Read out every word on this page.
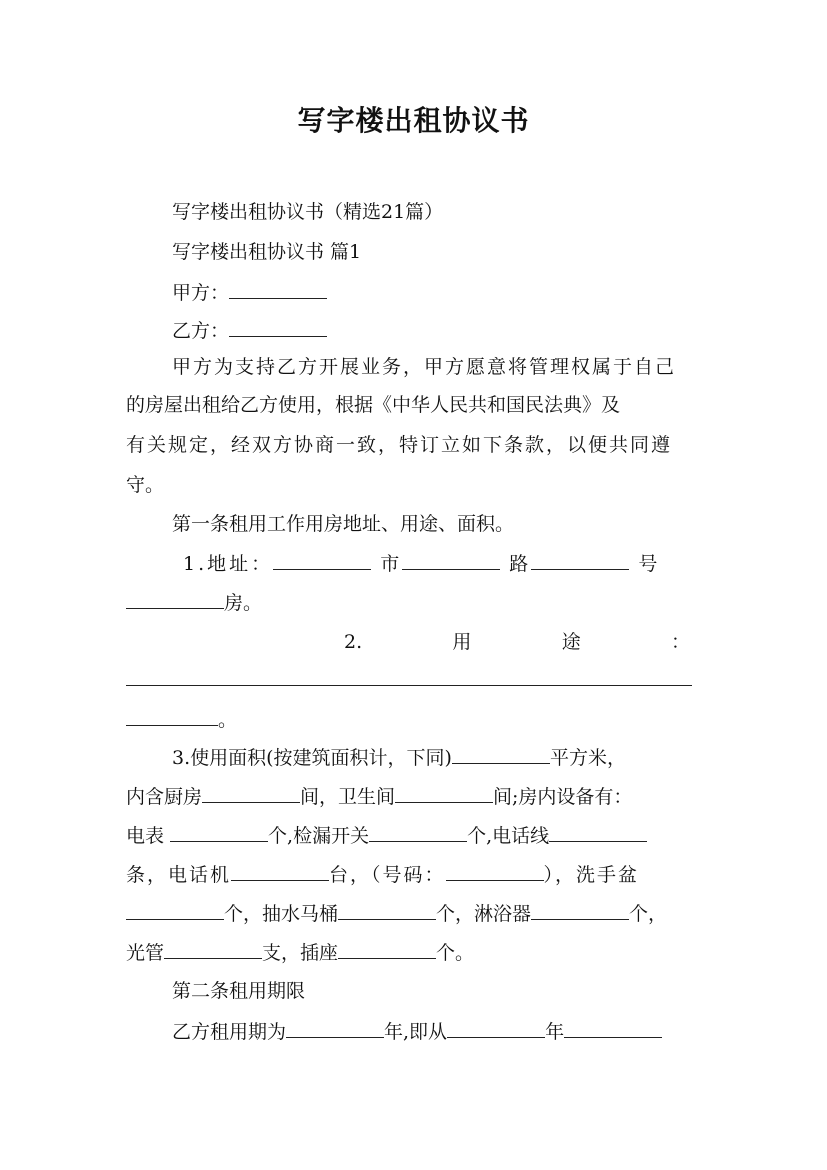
写字楼出租协议书
写字楼出租协议书（精选21篇）
写字楼出租协议书 篇1
甲方：
乙方：
甲方为支持乙方开展业务，甲方愿意将管理权属于自己
的房屋出租给乙方使用，根据《中华人民共和国民法典》及
有关规定，经双方协商一致，特订立如下条款，以便共同遵
守。
第一条租用工作用房地址、用途、面积。
1.地址：	市	路	号
房。
2.	用	途	：
。
3.使用面积(按建筑面积计，下同)	平方米，
内含厨房	间，卫生间	间;房内设备有：
电表	个,检漏开关	个,电话线
条，电话机	台，（号码：	），洗手盆
个，抽水马桶	个，淋浴器	个，
光管	支，插座	个。
第二条租用期限
乙方租用期为	年,即从	年
